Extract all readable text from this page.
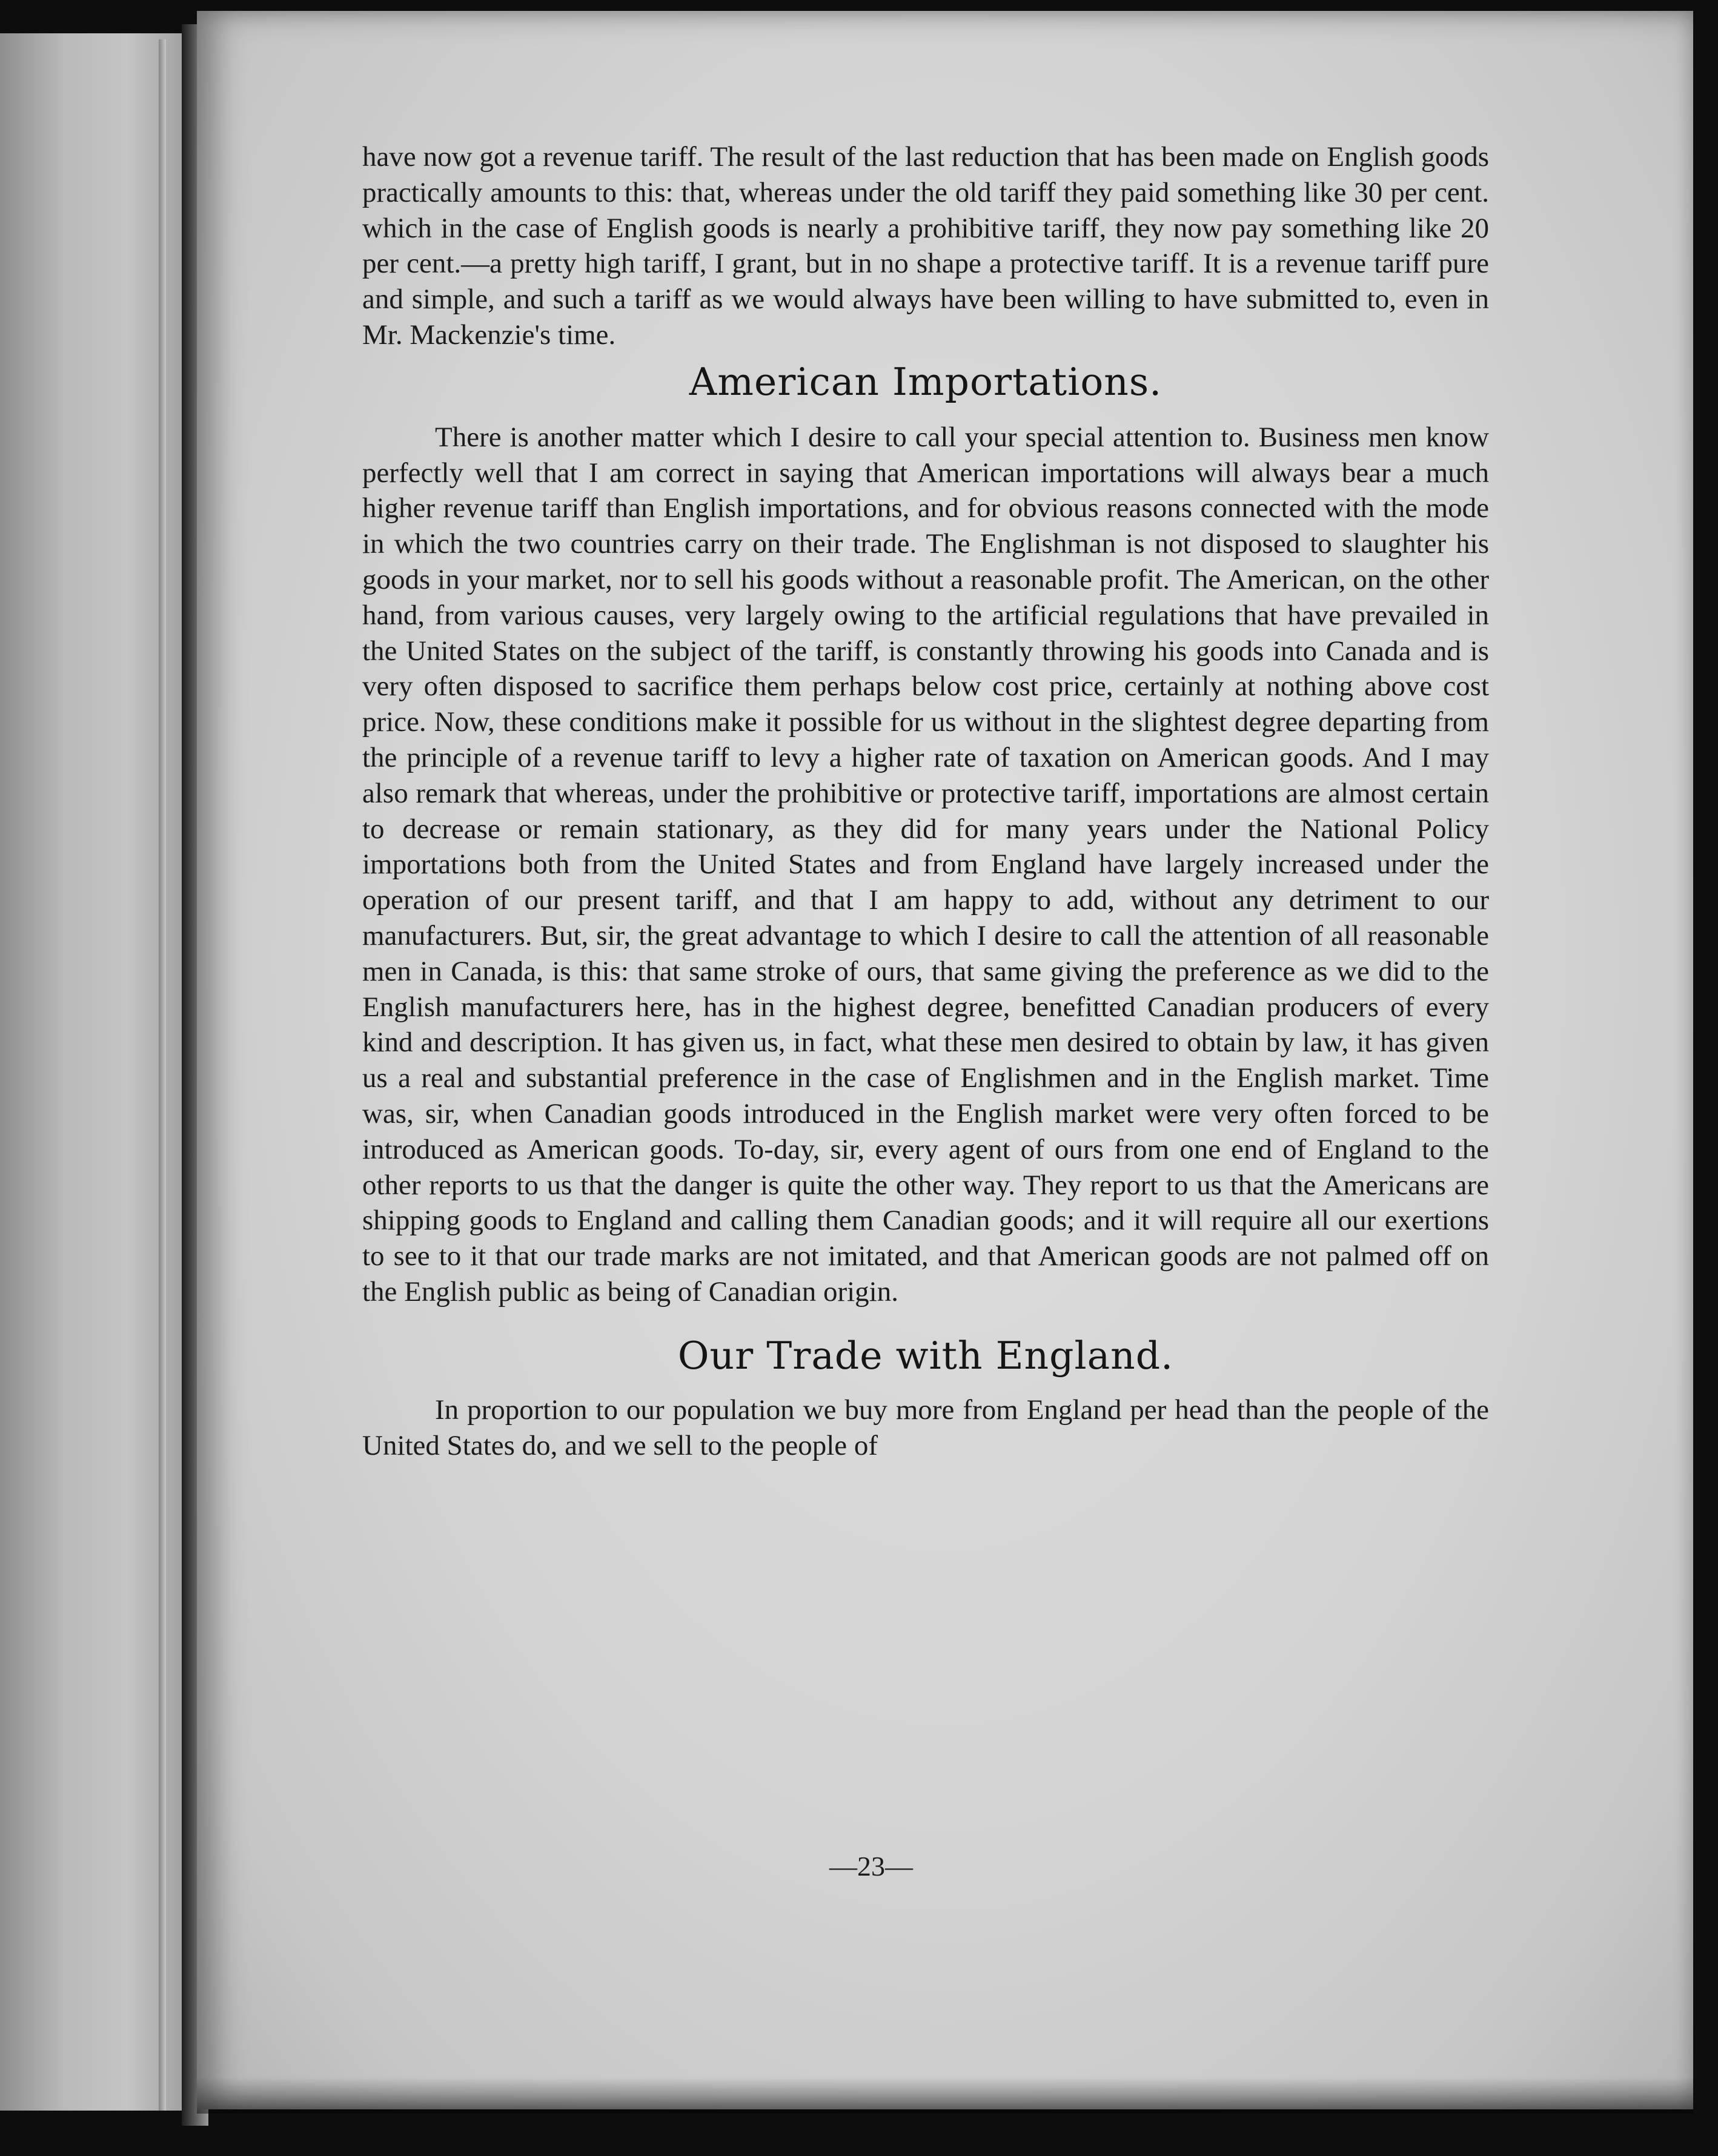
have now got a revenue tariff. The result of the last reduction that has been made on English goods practically amounts to this: that, whereas under the old tariff they paid something like 30 per cent. which in the case of English goods is nearly a prohibitive tariff, they now pay something like 20 per cent.—a pretty high tariff, I grant, but in no shape a protective tariff. It is a revenue tariff pure and simple, and such a tariff as we would always have been willing to have submitted to, even in Mr. Mackenzie's time.

American Importations.

There is another matter which I desire to call your special attention to. Business men know perfectly well that I am correct in saying that American importations will always bear a much higher revenue tariff than English importations, and for obvious reasons connected with the mode in which the two countries carry on their trade. The Englishman is not disposed to slaughter his goods in your market, nor to sell his goods without a reasonable profit. The American, on the other hand, from various causes, very largely owing to the artificial regulations that have prevailed in the United States on the subject of the tariff, is constantly throwing his goods into Canada and is very often disposed to sacrifice them perhaps below cost price, certainly at nothing above cost price. Now, these conditions make it possible for us without in the slightest degree departing from the principle of a revenue tariff to levy a higher rate of taxation on American goods. And I may also remark that whereas, under the prohibitive or protective tariff, importations are almost certain to decrease or remain stationary, as they did for many years under the National Policy importations both from the United States and from England have largely increased under the operation of our present tariff, and that I am happy to add, without any detriment to our manufacturers. But, sir, the great advantage to which I desire to call the attention of all reasonable men in Canada, is this: that same stroke of ours, that same giving the preference as we did to the English manufacturers here, has in the highest degree, benefitted Canadian producers of every kind and description. It has given us, in fact, what these men desired to obtain by law, it has given us a real and substantial preference in the case of Englishmen and in the English market. Time was, sir, when Canadian goods introduced in the English market were very often forced to be introduced as American goods. To-day, sir, every agent of ours from one end of England to the other reports to us that the danger is quite the other way. They report to us that the Americans are shipping goods to England and calling them Canadian goods; and it will require all our exertions to see to it that our trade marks are not imitated, and that American goods are not palmed off on the English public as being of Canadian origin.

Our Trade with England.

In proportion to our population we buy more from England per head than the people of the United States do, and we sell to the people of

—23—
